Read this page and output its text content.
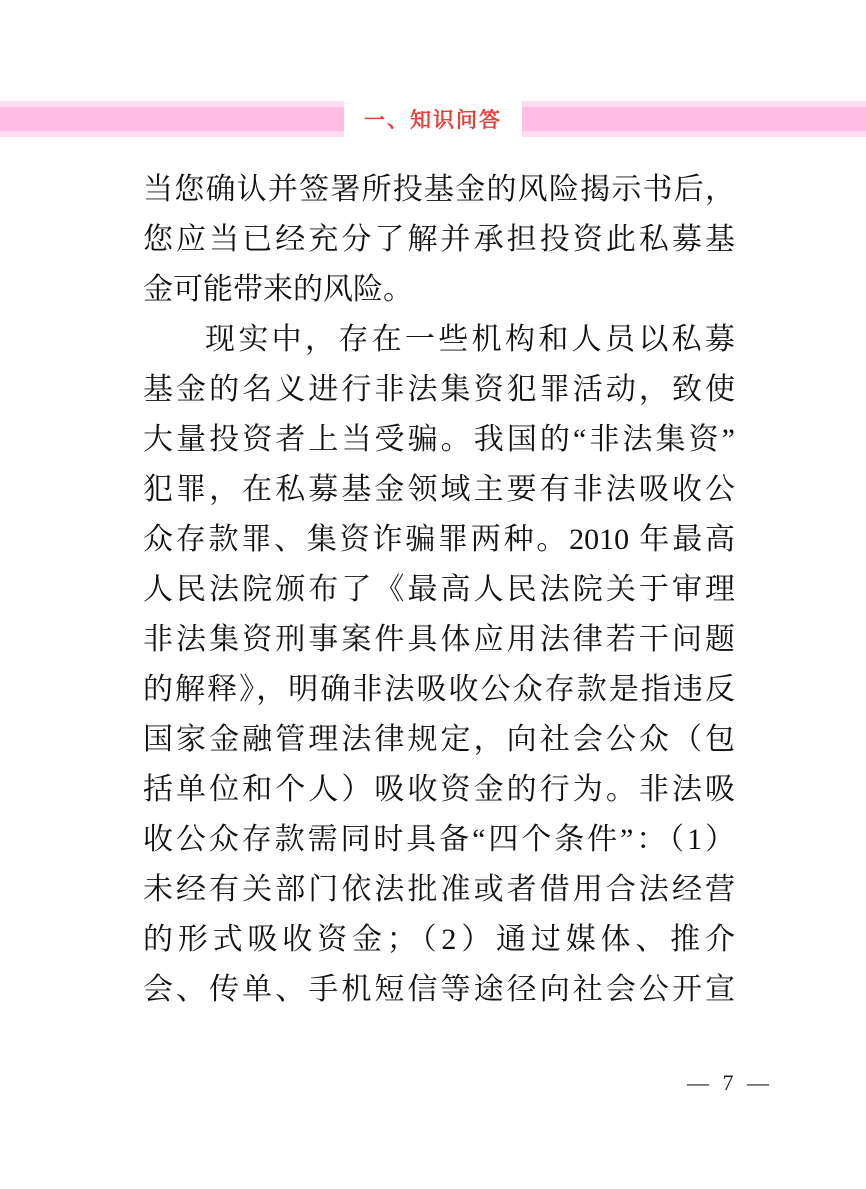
一、知识问答
当您确认并签署所投基金的风险揭示书后，
您应当已经充分了解并承担投资此私募基
金可能带来的风险。
现实中，存在一些机构和人员以私募
基金的名义进行非法集资犯罪活动，致使
大量投资者上当受骗。我国的“非法集资”
犯罪，在私募基金领域主要有非法吸收公
众存款罪、集资诈骗罪两种。2010 年最高
人民法院颁布了《最高人民法院关于审理
非法集资刑事案件具体应用法律若干问题
的解释》，明确非法吸收公众存款是指违反
国家金融管理法律规定，向社会公众（包
括单位和个人）吸收资金的行为。非法吸
收公众存款需同时具备“四个条件”：（1）
未经有关部门依法批准或者借用合法经营
的形式吸收资金；（2）通过媒体、推介
会、传单、手机短信等途径向社会公开宣
— 7 —
